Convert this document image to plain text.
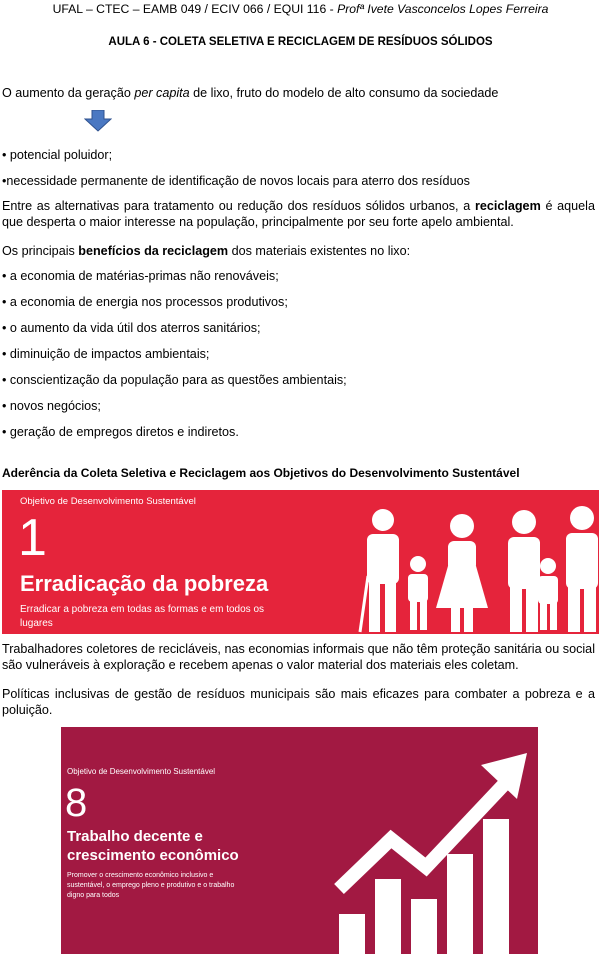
UFAL – CTEC – EAMB 049 / ECIV 066 / EQUI 116 - Profª Ivete Vasconcelos Lopes Ferreira
AULA 6 - COLETA SELETIVA E RECICLAGEM DE RESÍDUOS SÓLIDOS
O aumento da geração per capita de lixo, fruto do modelo de alto consumo da sociedade
• potencial poluidor;
•necessidade permanente de identificação de novos locais para aterro dos resíduos
Entre as alternativas para tratamento ou redução dos resíduos sólidos urbanos, a reciclagem é aquela que desperta o maior interesse na população, principalmente por seu forte apelo ambiental.
Os principais benefícios da reciclagem dos materiais existentes no lixo:
• a economia de matérias-primas não renováveis;
• a economia de energia nos processos produtivos;
• o aumento da vida útil dos aterros sanitários;
• diminuição de impactos ambientais;
• conscientização da população para as questões ambientais;
• novos negócios;
• geração de empregos diretos e indiretos.
Aderência da Coleta Seletiva e Reciclagem aos Objetivos do Desenvolvimento Sustentável
Objetivo de Desenvolvimento Sustentável
1
Erradicação da pobreza
Erradicar a pobreza em todas as formas e em todos os
lugares
Trabalhadores coletores de recicláveis, nas economias informais que não têm proteção sanitária ou social são vulneráveis à exploração e recebem apenas o valor material dos materiais eles coletam.
Políticas inclusivas de gestão de resíduos municipais são mais eficazes para combater a pobreza e a poluição.
Objetivo de Desenvolvimento Sustentável
8
Trabalho decente e
crescimento econômico
Promover o crescimento econômico inclusivo e
sustentável, o emprego pleno e produtivo e o trabalho
digno para todos
